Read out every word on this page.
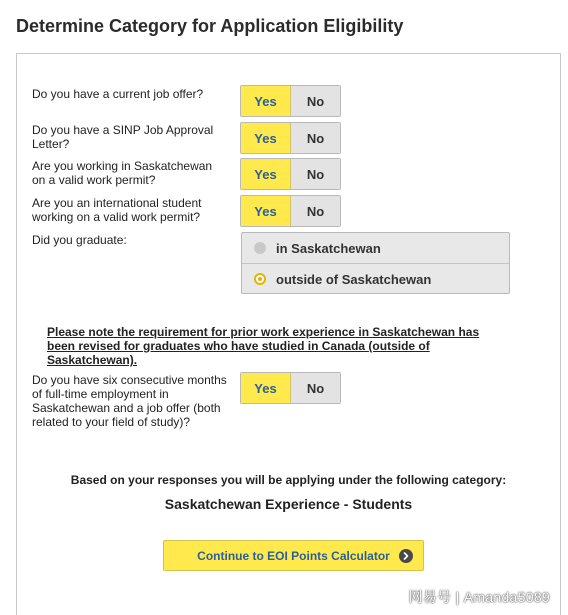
Determine Category for Application Eligibility
Do you have a current job offer?	Yes	No
Do you have a SINP Job Approval Letter?	Yes	No
Are you working in Saskatchewan on a valid work permit?	Yes	No
Are you an international student working on a valid work permit?	Yes	No
Did you graduate:
in Saskatchewan
outside of Saskatchewan
Please note the requirement for prior work experience in Saskatchewan has been revised for graduates who have studied in Canada (outside of Saskatchewan).
Do you have six consecutive months of full-time employment in Saskatchewan and a job offer (both related to your field of study)?
Yes	No
Based on your responses you will be applying under the following category:
Saskatchewan Experience - Students
Continue to EOI Points Calculator
网易号 | Amanda5089
